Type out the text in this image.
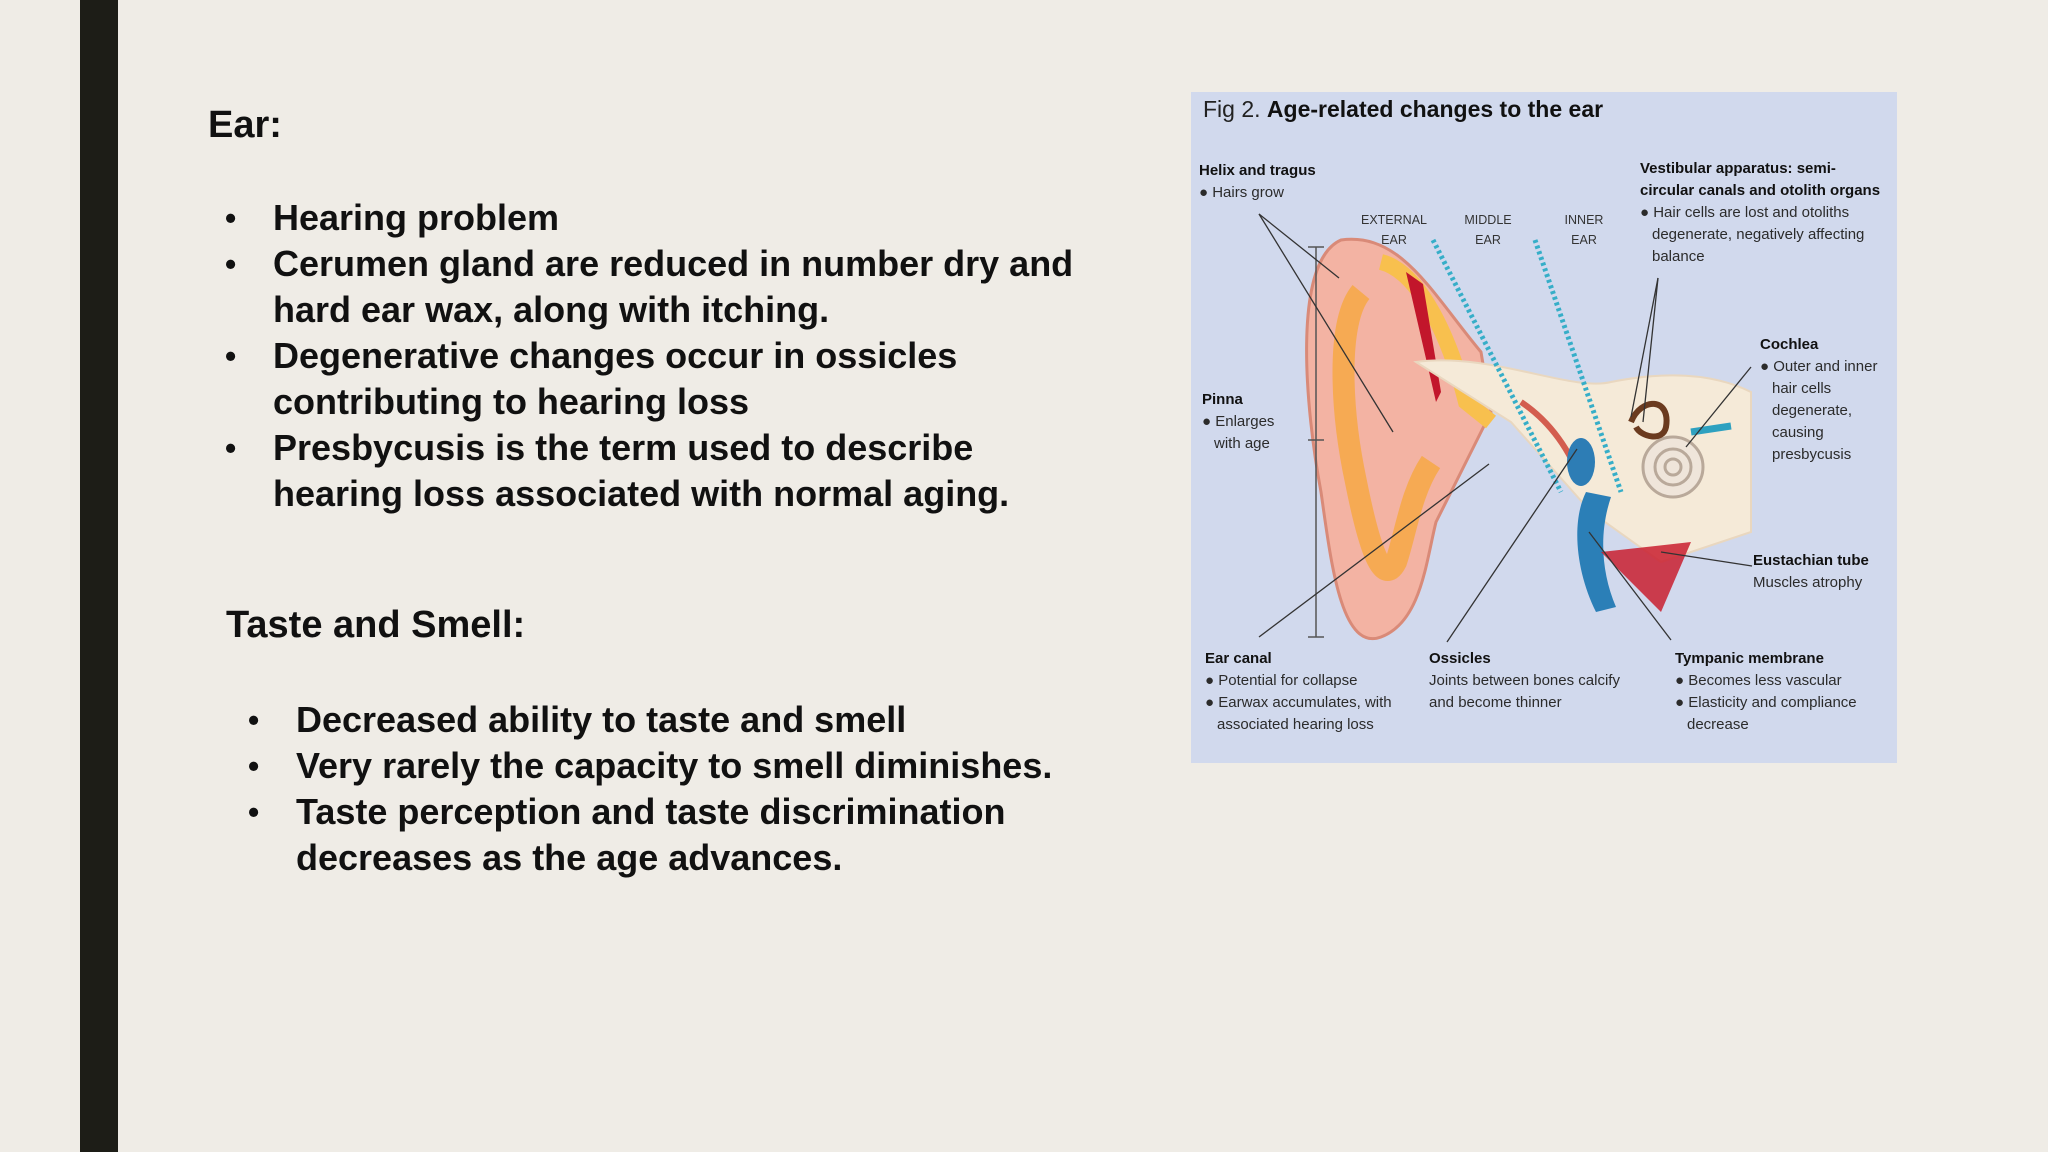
Ear:
• Hearing problem
• Cerumen gland are reduced in number dry and hard ear wax, along with itching.
• Degenerative changes occur in ossicles contributing to hearing loss
• Presbycusis is the term used to describe hearing loss associated with normal aging.
Taste and Smell:
• Decreased ability to taste and smell
• Very rarely the capacity to smell diminishes.
• Taste perception and taste discrimination decreases as the age advances.
Fig 2. Age-related changes to the ear
EXTERNAL
EAR
MIDDLE
EAR
INNER
EAR
Helix and tragus
● Hairs grow
Vestibular apparatus: semi-
circular canals and otolith organs
● Hair cells are lost and otoliths
degenerate, negatively affecting
balance
Cochlea
● Outer and inner
hair cells
degenerate,
causing
presbycusis
Pinna
● Enlarges
with age
Eustachian tube
Muscles atrophy
Ear canal
● Potential for collapse
● Earwax accumulates, with
associated hearing loss
Ossicles
Joints between bones calcify
and become thinner
Tympanic membrane
● Becomes less vascular
● Elasticity and compliance
decrease
